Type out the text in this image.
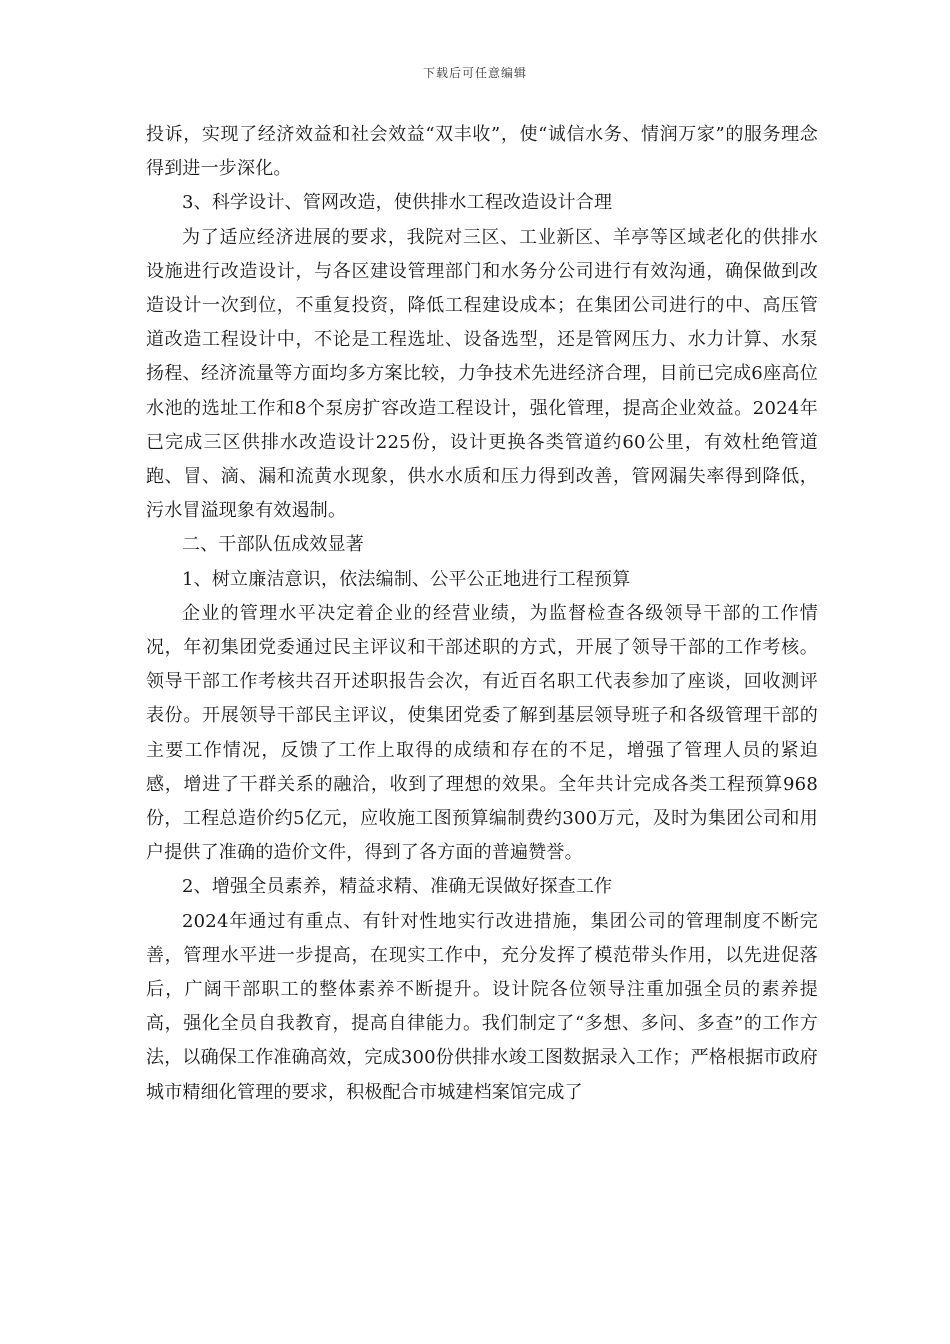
下载后可任意编辑

投诉，实现了经济效益和社会效益“双丰收”，使“诚信水务、情润万家”的服务理念得到进一步深化。

3、科学设计、管网改造，使供排水工程改造设计合理

为了适应经济进展的要求，我院对三区、工业新区、羊亭等区域老化的供排水设施进行改造设计，与各区建设管理部门和水务分公司进行有效沟通，确保做到改造设计一次到位，不重复投资，降低工程建设成本；在集团公司进行的中、高压管道改造工程设计中，不论是工程选址、设备选型，还是管网压力、水力计算、水泵扬程、经济流量等方面均多方案比较，力争技术先进经济合理，目前已完成6座高位水池的选址工作和8个泵房扩容改造工程设计，强化管理，提高企业效益。2024年已完成三区供排水改造设计225份，设计更换各类管道约60公里，有效杜绝管道跑、冒、滴、漏和流黄水现象，供水水质和压力得到改善，管网漏失率得到降低，污水冒溢现象有效遏制。

二、干部队伍成效显著

1、树立廉洁意识，依法编制、公平公正地进行工程预算

企业的管理水平决定着企业的经营业绩，为监督检查各级领导干部的工作情况，年初集团党委通过民主评议和干部述职的方式，开展了领导干部的工作考核。领导干部工作考核共召开述职报告会次，有近百名职工代表参加了座谈，回收测评表份。开展领导干部民主评议，使集团党委了解到基层领导班子和各级管理干部的主要工作情况，反馈了工作上取得的成绩和存在的不足，增强了管理人员的紧迫感，增进了干群关系的融洽，收到了理想的效果。全年共计完成各类工程预算968份，工程总造价约5亿元，应收施工图预算编制费约300万元，及时为集团公司和用户提供了准确的造价文件，得到了各方面的普遍赞誉。

2、增强全员素养，精益求精、准确无误做好探查工作

2024年通过有重点、有针对性地实行改进措施，集团公司的管理制度不断完善，管理水平进一步提高，在现实工作中，充分发挥了模范带头作用，以先进促落后，广阔干部职工的整体素养不断提升。设计院各位领导注重加强全员的素养提高，强化全员自我教育，提高自律能力。我们制定了“多想、多问、多查”的工作方法，以确保工作准确高效，完成300份供排水竣工图数据录入工作；严格根据市政府城市精细化管理的要求，积极配合市城建档案馆完成了
